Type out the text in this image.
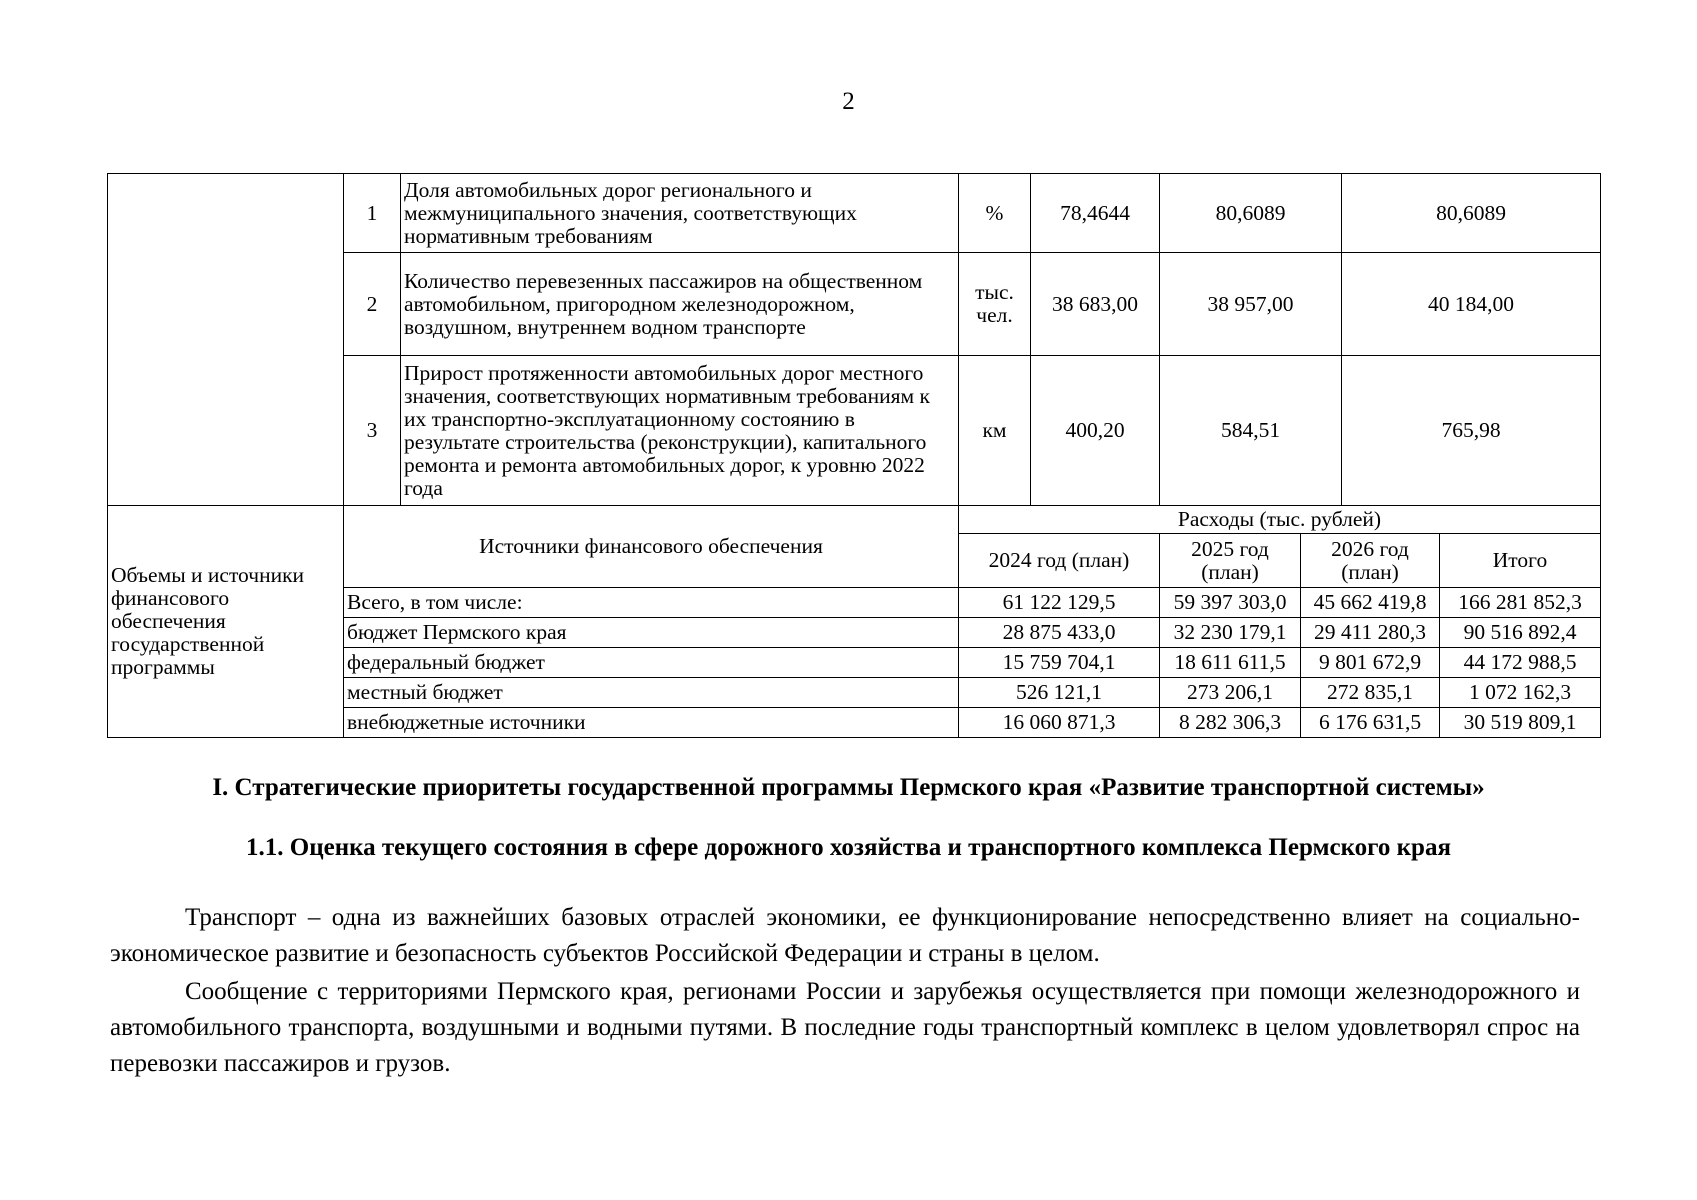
2
	1	Доля автомобильных дорог регионального и межмуниципального значения, соответствующих нормативным требованиям	%	78,4644	80,6089		80,6089	
	2	Количество перевезенных пассажиров на общественном автомобильном, пригородном железнодорожном, воздушном, внутреннем водном транспорте	тыс. чел.	38 683,00	38 957,00		40 184,00	
	3	Прирост протяженности автомобильных дорог местного значения, соответствующих нормативным требованиям к их транспортно-эксплуатационному состоянию в результате строительства (реконструкции), капитального ремонта и ремонта автомобильных дорог, к уровню 2022 года	км	400,20	584,51		765,98	
Объемы и источники финансового обеспечения государственной программы	Источники финансового обеспечения		Расходы (тыс. рублей)					
			2024 год (план)		2025 год (план)	2026 год (план)		Итого
	Всего, в том числе:		61 122 129,5		59 397 303,0	45 662 419,8		166 281 852,3
	бюджет Пермского края		28 875 433,0		32 230 179,1	29 411 280,3		90 516 892,4
	федеральный бюджет		15 759 704,1		18 611 611,5	9 801 672,9		44 172 988,5
	местный бюджет		526 121,1		273 206,1	272 835,1		1 072 162,3
	внебюджетные источники		16 060 871,3		8 282 306,3	6 176 631,5		30 519 809,1
I. Стратегические приоритеты государственной программы Пермского края «Развитие транспортной системы»
1.1. Оценка текущего состояния в сфере дорожного хозяйства и транспортного комплекса Пермского края
Транспорт – одна из важнейших базовых отраслей экономики, ее функционирование непосредственно влияет на социально-экономическое развитие и безопасность субъектов Российской Федерации и страны в целом.
Сообщение с территориями Пермского края, регионами России и зарубежья осуществляется при помощи железнодорожного и автомобильного транспорта, воздушными и водными путями. В последние годы транспортный комплекс в целом удовлетворял спрос на перевозки пассажиров и грузов.
